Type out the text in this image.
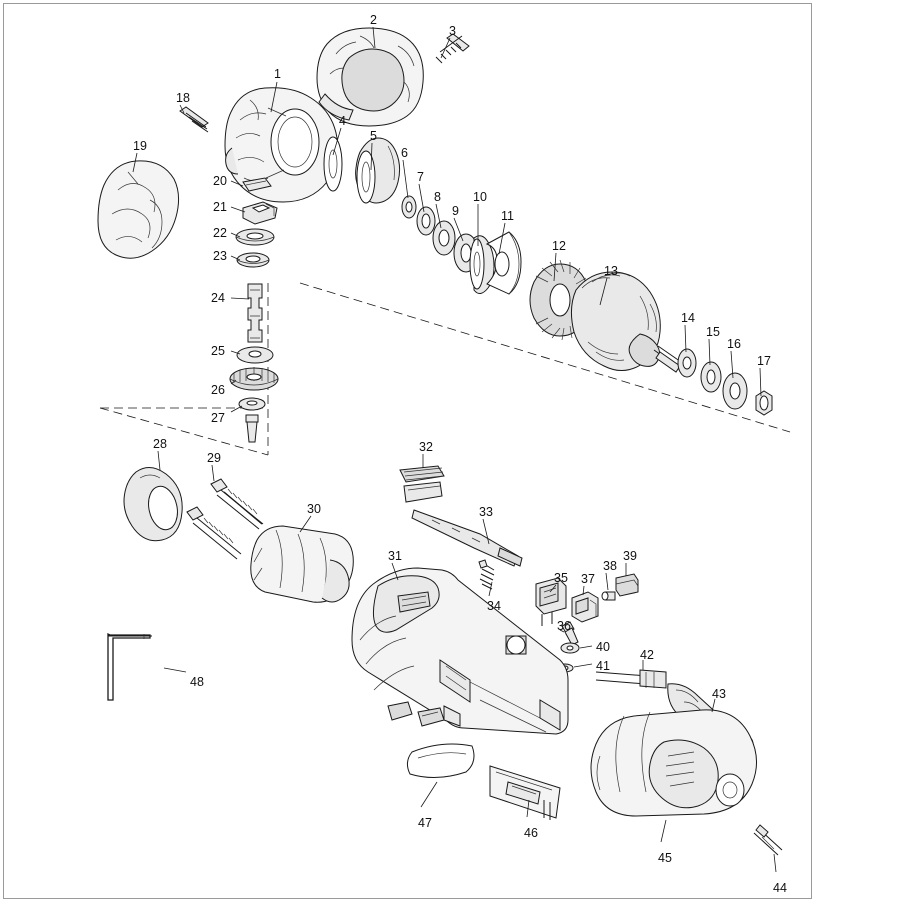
1
2
3
4
5
6
7
8
9
10
11
12
13
14
15
16
17
18
19
20
21
22
23
24
25
26
27
28
29
30
31
32
33
34
35
36
37
38
39
40
41
42
43
44
45
46
47
48
